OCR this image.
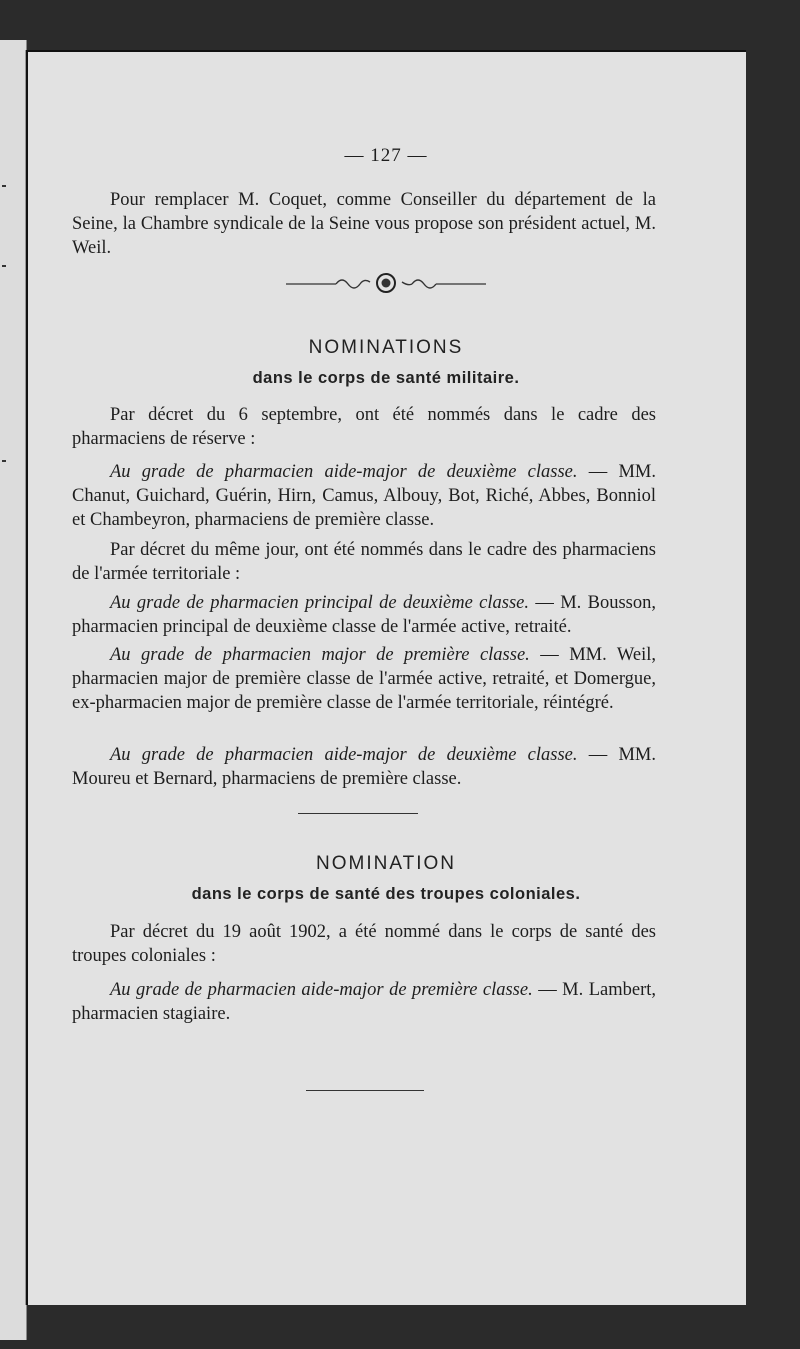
— 127 —
Pour remplacer M. Coquet, comme Conseiller du département de la Seine, la Chambre syndicale de la Seine vous propose son président actuel, M. Weil.
NOMINATIONS
dans le corps de santé militaire.
Par décret du 6 septembre, ont été nommés dans le cadre des pharmaciens de réserve :
Au grade de pharmacien aide-major de deuxième classe. — MM. Chanut, Guichard, Guérin, Hirn, Camus, Albouy, Bot, Riché, Abbes, Bonniol et Chambeyron, pharmaciens de première classe.
Par décret du même jour, ont été nommés dans le cadre des pharmaciens de l'armée territoriale :
Au grade de pharmacien principal de deuxième classe. — M. Bousson, pharmacien principal de deuxième classe de l'armée active, retraité.
Au grade de pharmacien major de première classe. — MM. Weil, pharmacien major de première classe de l'armée active, retraité, et Domergue, ex-pharmacien major de première classe de l'armée territoriale, réintégré.
Au grade de pharmacien aide-major de deuxième classe. — MM. Moureu et Bernard, pharmaciens de première classe.
NOMINATION
dans le corps de santé des troupes coloniales.
Par décret du 19 août 1902, a été nommé dans le corps de santé des troupes coloniales :
Au grade de pharmacien aide-major de première classe. — M. Lambert, pharmacien stagiaire.
